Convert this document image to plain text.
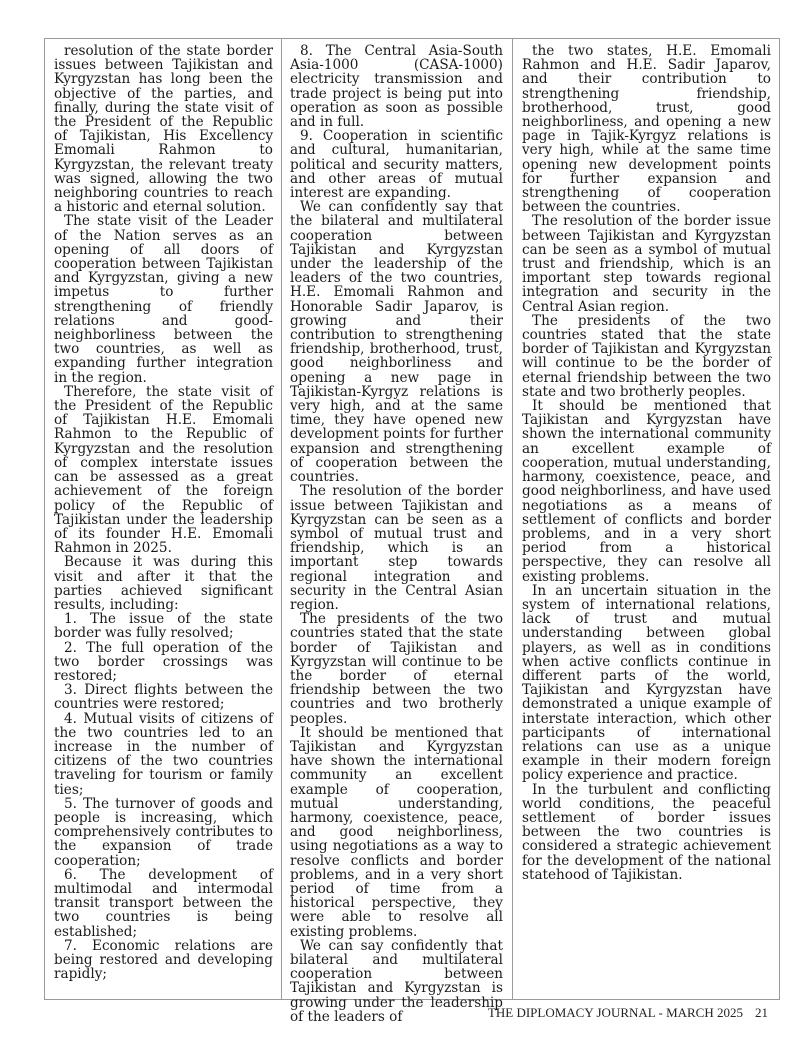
resolution of the state border issues between Tajikistan and Kyrgyzstan has long been the objective of the parties, and finally, during the state visit of the President of the Republic of Tajikistan, His Excellency Emomali Rahmon to Kyrgyzstan, the relevant treaty was signed, allowing the two neighboring countries to reach a historic and eternal solution.

The state visit of the Leader of the Nation serves as an opening of all doors of cooperation between Tajikistan and Kyrgyzstan, giving a new impetus to further strengthening of friendly relations and good-neighborliness between the two countries, as well as expanding further integration in the region.

Therefore, the state visit of the President of the Republic of Tajikistan H.E. Emomali Rahmon to the Republic of Kyrgyzstan and the resolution of complex interstate issues can be assessed as a great achievement of the foreign policy of the Republic of Tajikistan under the leadership of its founder H.E. Emomali Rahmon in 2025.

Because it was during this visit and after it that the parties achieved significant results, including:

1. The issue of the state border was fully resolved;

2. The full operation of the two border crossings was restored;

3. Direct flights between the countries were restored;

4. Mutual visits of citizens of the two countries led to an increase in the number of citizens of the two countries traveling for tourism or family ties;

5. The turnover of goods and people is increasing, which comprehensively contributes to the expansion of trade cooperation;

6. The development of multimodal and intermodal transit transport between the two countries is being established;

7. Economic relations are being restored and developing rapidly;

8. The Central Asia-South Asia-1000 (CASA-1000) electricity transmission and trade project is being put into operation as soon as possible and in full.

9. Cooperation in scientific and cultural, humanitarian, political and security matters, and other areas of mutual interest are expanding.

We can confidently say that the bilateral and multilateral cooperation between Tajikistan and Kyrgyzstan under the leadership of the leaders of the two countries, H.E. Emomali Rahmon and Honorable Sadir Japarov, is growing and their contribution to strengthening friendship, brotherhood, trust, good neighborliness and opening a new page in Tajikistan-Kyrgyz relations is very high, and at the same time, they have opened new development points for further expansion and strengthening of cooperation between the countries.

The resolution of the border issue between Tajikistan and Kyrgyzstan can be seen as a symbol of mutual trust and friendship, which is an important step towards regional integration and security in the Central Asian region.

The presidents of the two countries stated that the state border of Tajikistan and Kyrgyzstan will continue to be the border of eternal friendship between the two countries and two brotherly peoples.

It should be mentioned that Tajikistan and Kyrgyzstan have shown the international community an excellent example of cooperation, mutual understanding, harmony, coexistence, peace, and good neighborliness, using negotiations as a way to resolve conflicts and border problems, and in a very short period of time from a historical perspective, they were able to resolve all existing problems.

We can say confidently that bilateral and multilateral cooperation between Tajikistan and Kyrgyzstan is growing under the leadership of the leaders of

the two states, H.E. Emomali Rahmon and H.E. Sadir Japarov, and their contribution to strengthening friendship, brotherhood, trust, good neighborliness, and opening a new page in Tajik-Kyrgyz relations is very high, while at the same time opening new development points for further expansion and strengthening of cooperation between the countries.

The resolution of the border issue between Tajikistan and Kyrgyzstan can be seen as a symbol of mutual trust and friendship, which is an important step towards regional integration and security in the Central Asian region.

The presidents of the two countries stated that the state border of Tajikistan and Kyrgyzstan will continue to be the border of eternal friendship between the two state and two brotherly peoples.

It should be mentioned that Tajikistan and Kyrgyzstan have shown the international community an excellent example of cooperation, mutual understanding, harmony, coexistence, peace, and good neighborliness, and have used negotiations as a means of settlement of conflicts and border problems, and in a very short period from a historical perspective, they can resolve all existing problems.

In an uncertain situation in the system of international relations, lack of trust and mutual understanding between global players, as well as in conditions when active conflicts continue in different parts of the world, Tajikistan and Kyrgyzstan have demonstrated a unique example of interstate interaction, which other participants of international relations can use as a unique example in their modern foreign policy experience and practice.

In the turbulent and conflicting world conditions, the peaceful settlement of border issues between the two countries is considered a strategic achievement for the development of the national statehood of Tajikistan.

THE DIPLOMACY JOURNAL - MARCH 2025 21
